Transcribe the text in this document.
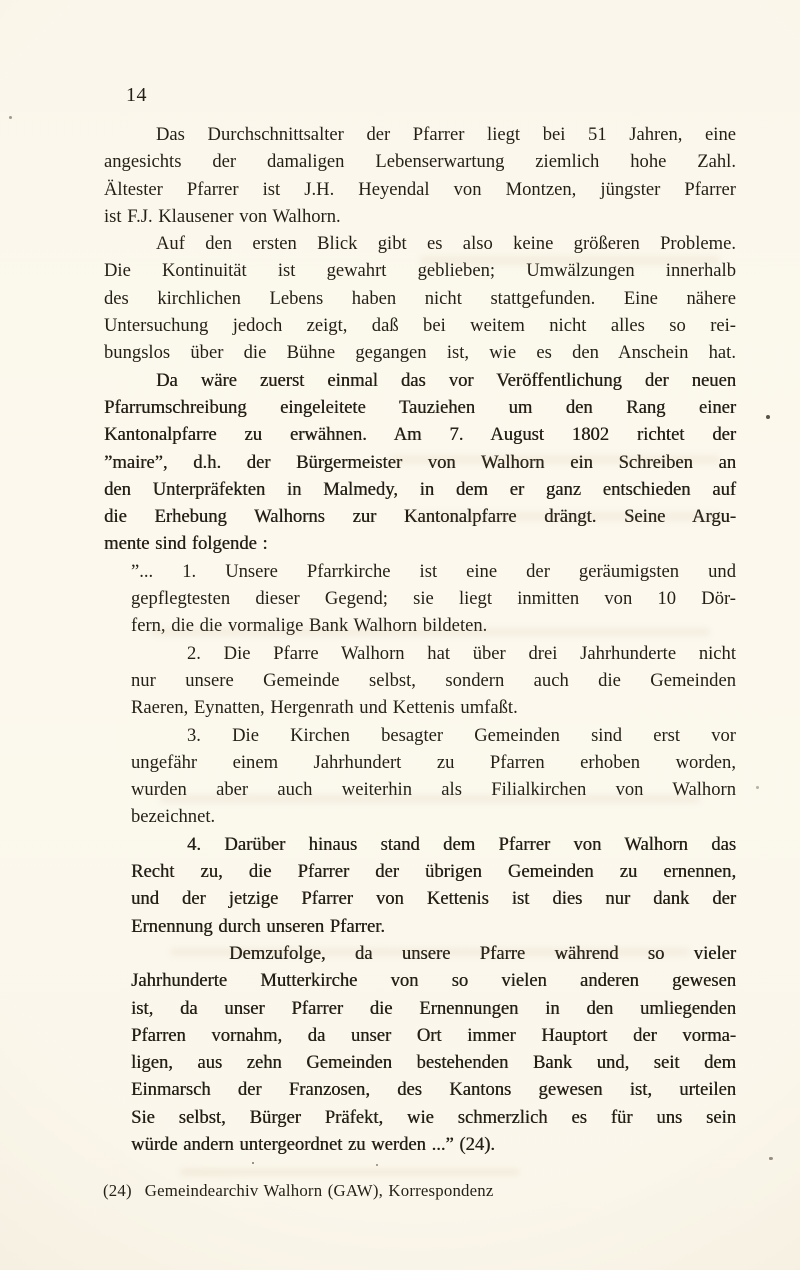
14
Das Durchschnittsalter der Pfarrer liegt bei 51 Jahren, eine
angesichts der damaligen Lebenserwartung ziemlich hohe Zahl.
Ältester Pfarrer ist J.H. Heyendal von Montzen, jüngster Pfarrer
ist F.J. Klausener von Walhorn.
Auf den ersten Blick gibt es also keine größeren Probleme.
Die Kontinuität ist gewahrt geblieben; Umwälzungen innerhalb
des kirchlichen Lebens haben nicht stattgefunden. Eine nähere
Untersuchung jedoch zeigt, daß bei weitem nicht alles so rei-
bungslos über die Bühne gegangen ist, wie es den Anschein hat.
Da wäre zuerst einmal das vor Veröffentlichung der neuen
Pfarrumschreibung eingeleitete Tauziehen um den Rang einer
Kantonalpfarre zu erwähnen. Am 7. August 1802 richtet der
”maire”, d.h. der Bürgermeister von Walhorn ein Schreiben an
den Unterpräfekten in Malmedy, in dem er ganz entschieden auf
die Erhebung Walhorns zur Kantonalpfarre drängt. Seine Argu-
mente sind folgende :
”... 1. Unsere Pfarrkirche ist eine der geräumigsten und
gepflegtesten dieser Gegend; sie liegt inmitten von 10 Dör-
fern, die die vormalige Bank Walhorn bildeten.
2. Die Pfarre Walhorn hat über drei Jahrhunderte nicht
nur unsere Gemeinde selbst, sondern auch die Gemeinden
Raeren, Eynatten, Hergenrath und Kettenis umfaßt.
3. Die Kirchen besagter Gemeinden sind erst vor
ungefähr einem Jahrhundert zu Pfarren erhoben worden,
wurden aber auch weiterhin als Filialkirchen von Walhorn
bezeichnet.
4. Darüber hinaus stand dem Pfarrer von Walhorn das
Recht zu, die Pfarrer der übrigen Gemeinden zu ernennen,
und der jetzige Pfarrer von Kettenis ist dies nur dank der
Ernennung durch unseren Pfarrer.
Demzufolge, da unsere Pfarre während so vieler
Jahrhunderte Mutterkirche von so vielen anderen gewesen
ist, da unser Pfarrer die Ernennungen in den umliegenden
Pfarren vornahm, da unser Ort immer Hauptort der vorma-
ligen, aus zehn Gemeinden bestehenden Bank und, seit dem
Einmarsch der Franzosen, des Kantons gewesen ist, urteilen
Sie selbst, Bürger Präfekt, wie schmerzlich es für uns sein
würde andern untergeordnet zu werden ...” (24).
(24) Gemeindearchiv Walhorn (GAW), Korrespondenz
